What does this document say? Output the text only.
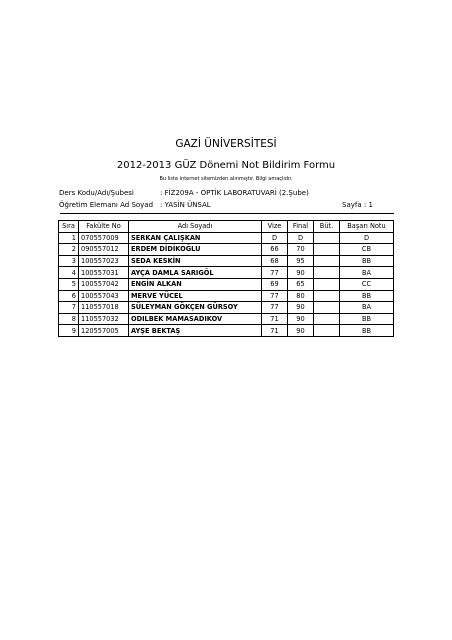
GAZİ ÜNİVERSİTESİ
2012-2013 GÜZ Dönemi Not Bildirim Formu
Bu liste internet sitemizden alınmıştır. Bilgi amaçlıdır.
Ders Kodu/Adı/Şubesi	: FİZ209A - OPTİK LABORATUVARİ (2.Şube)
Öğretim Elemanı Ad Soyad : YASİN ÜNSAL	Sayfa : 1
Sıra	Fakülte No	Adı Soyadı	Vize	Final	Büt.	Başarı Notu
1	070557009	SERKAN ÇALIŞKAN	D	D		D
2	090557012	ERDEM DİDİKOĞLU	66	70		CB
3	100557023	SEDA KESKİN	68	95		BB
4	100557031	AYÇA DAMLA SARIGÖL	77	90		BA
5	100557042	ENGİN ALKAN	69	65		CC
6	100557043	MERVE YÜCEL	77	80		BB
7	110557018	SÜLEYMAN GÖKÇEN GÜRSOY	77	90		BA
8	110557032	ODILBEK MAMASADIKOV	71	90		BB
9	120557005	AYŞE BEKTAŞ	71	90		BB
